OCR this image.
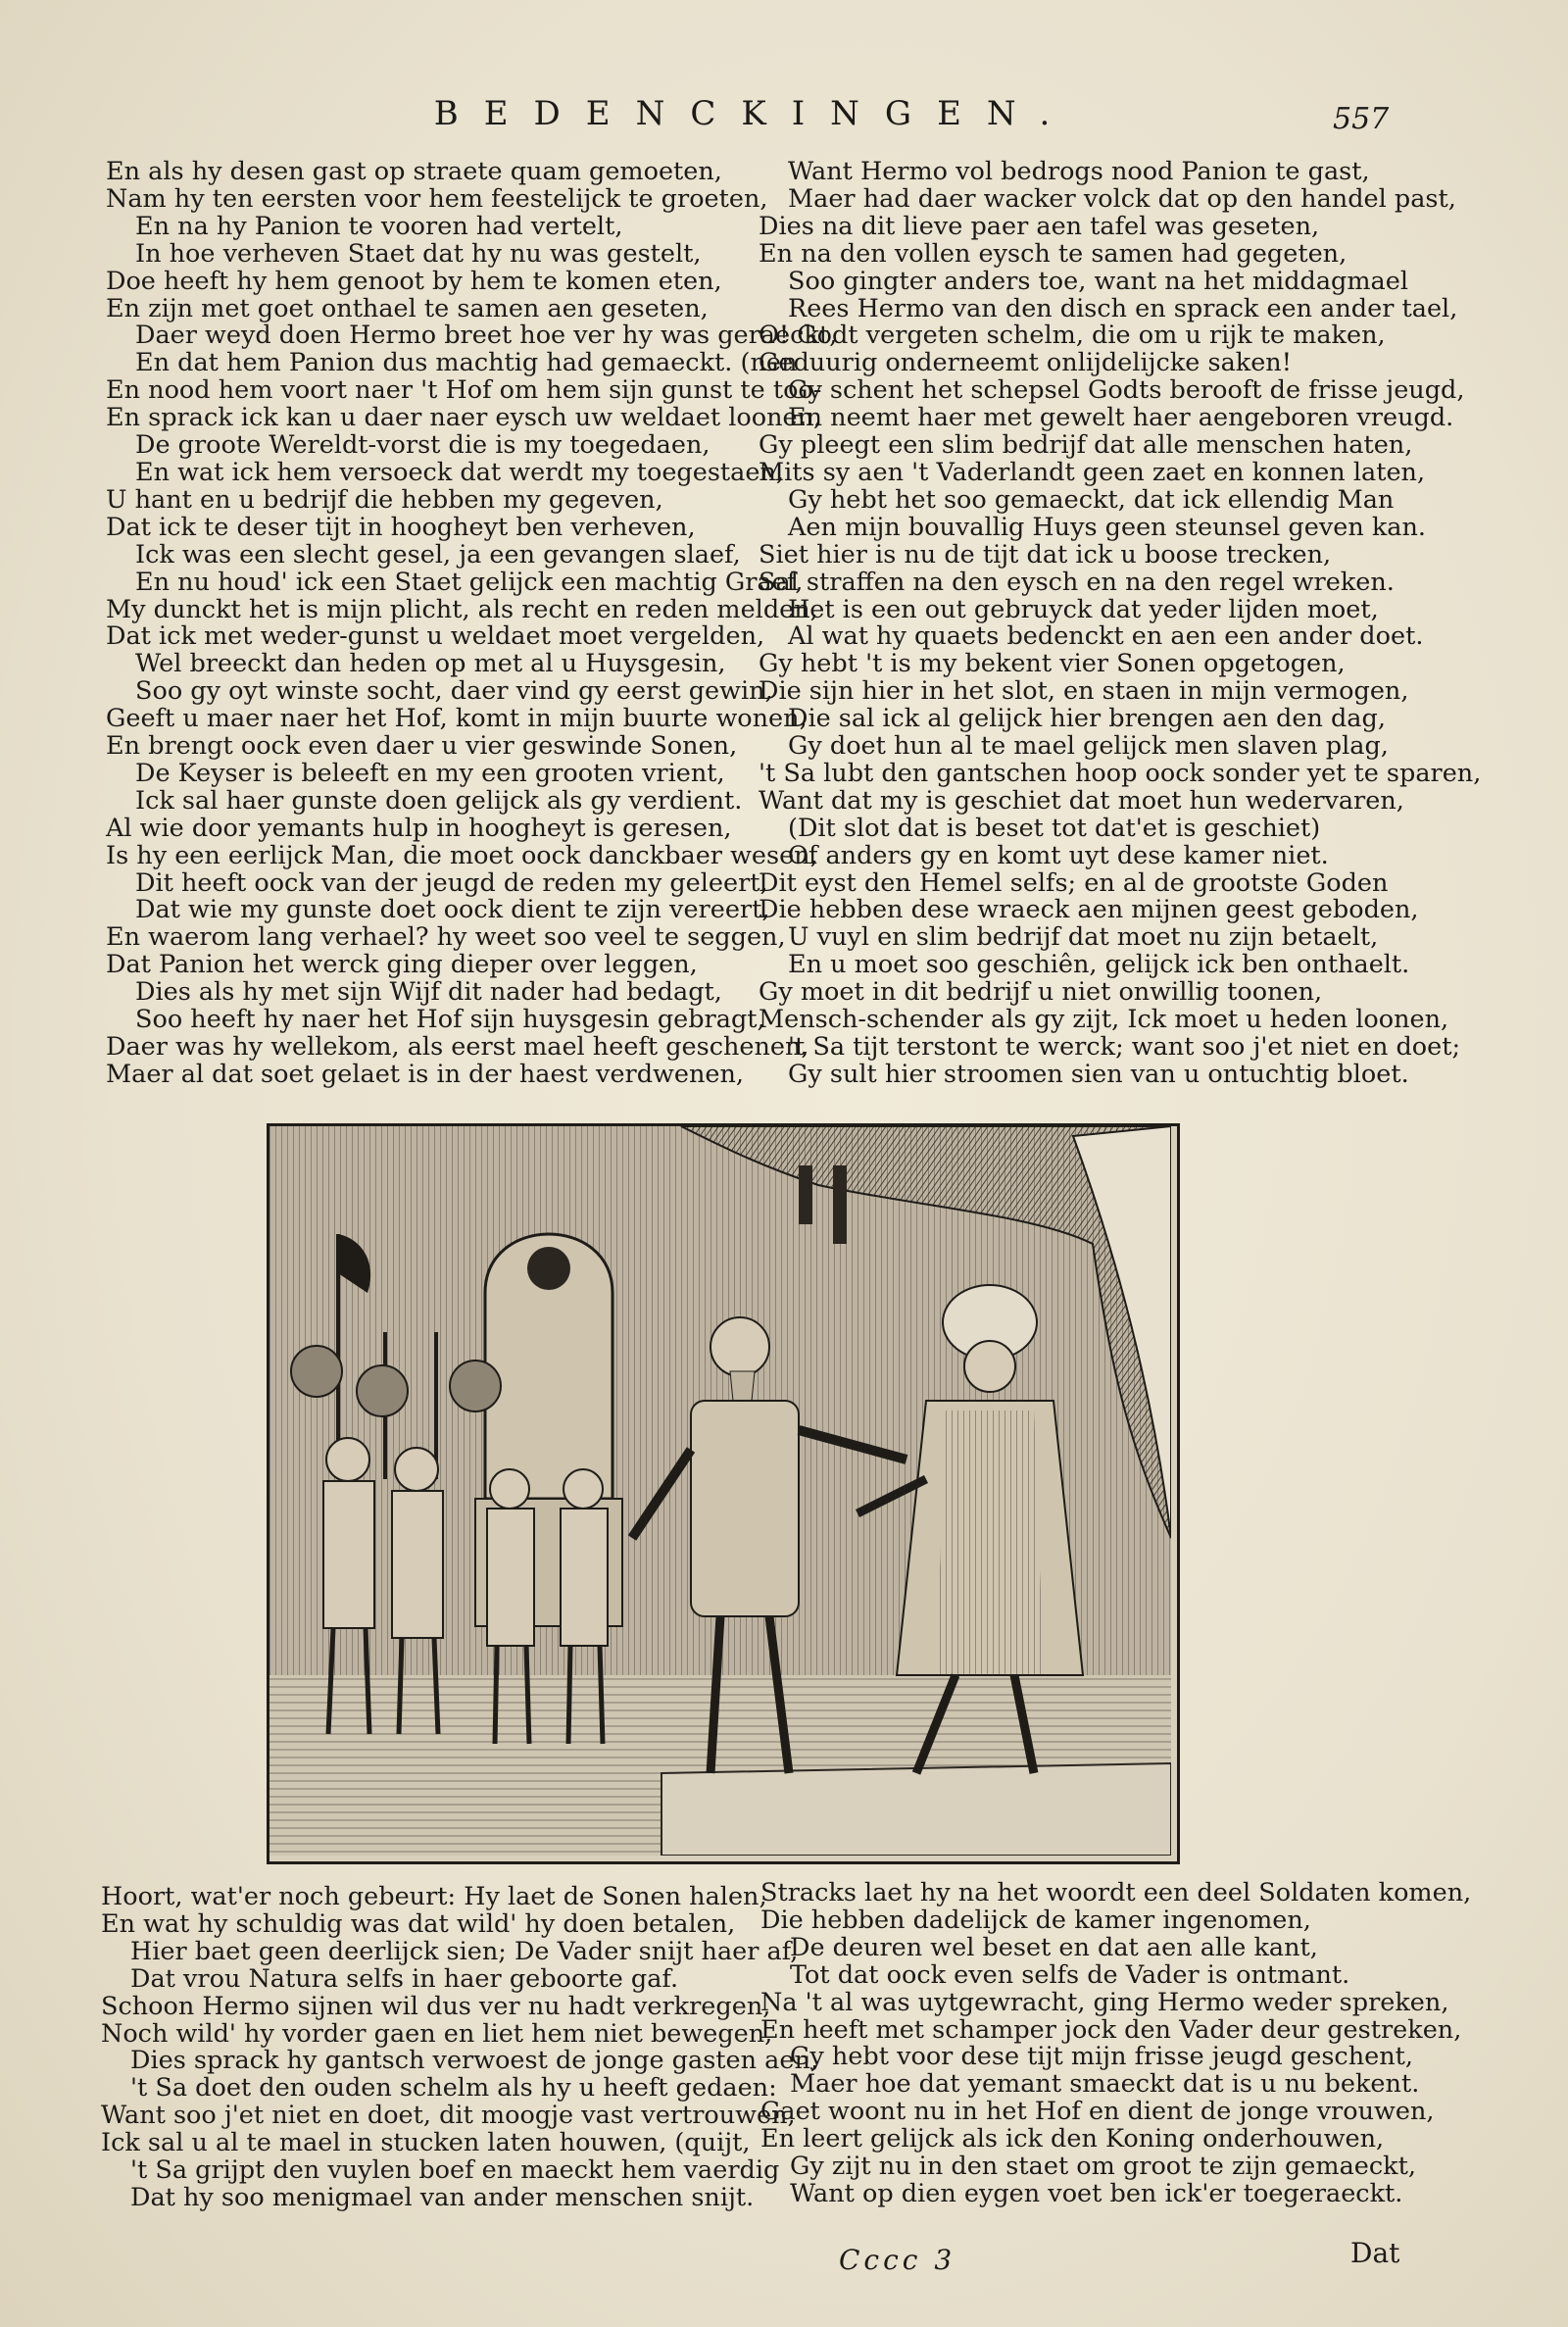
BEDENCKINGEN.	557
En als hy desen gast op straete quam gemoeten,
Nam hy ten eersten voor hem feestelijck te groeten,
En na hy Panion te vooren had vertelt,
In hoe verheven Staet dat hy nu was gestelt,
Doe heeft hy hem genoot by hem te komen eten,
En zijn met goet onthael te samen aen geseten,
Daer weyd doen Hermo breet hoe ver hy was geraeckt,
En dat hem Panion dus machtig had gemaeckt. (nen
En nood hem voort naer 't Hof om hem sijn gunst te too-
En sprack ick kan u daer naer eysch uw weldaet loonen,
De groote Wereldt-vorst die is my toegedaen,
En wat ick hem versoeck dat werdt my toegestaen,
U hant en u bedrijf die hebben my gegeven,
Dat ick te deser tijt in hoogheyt ben verheven,
Ick was een slecht gesel, ja een gevangen slaef,
En nu houd' ick een Staet gelijck een machtig Graef,
My dunckt het is mijn plicht, als recht en reden melden,
Dat ick met weder-gunst u weldaet moet vergelden,
Wel breeckt dan heden op met al u Huysgesin,
Soo gy oyt winste socht, daer vind gy eerst gewin,
Geeft u maer naer het Hof, komt in mijn buurte wonen,
En brengt oock even daer u vier geswinde Sonen,
De Keyser is beleeft en my een grooten vrient,
Ick sal haer gunste doen gelijck als gy verdient.
Al wie door yemants hulp in hoogheyt is geresen,
Is hy een eerlijck Man, die moet oock danckbaer wesen,
Dit heeft oock van der jeugd de reden my geleert,
Dat wie my gunste doet oock dient te zijn vereert,
En waerom lang verhael? hy weet soo veel te seggen,
Dat Panion het werck ging dieper over leggen,
Dies als hy met sijn Wijf dit nader had bedagt,
Soo heeft hy naer het Hof sijn huysgesin gebragt,
Daer was hy wellekom, als eerst mael heeft geschenen,
Maer al dat soet gelaet is in der haest verdwenen,
Want Hermo vol bedrogs nood Panion te gast,
Maer had daer wacker volck dat op den handel past,
Dies na dit lieve paer aen tafel was geseten,
En na den vollen eysch te samen had gegeten,
Soo gingter anders toe, want na het middagmael
Rees Hermo van den disch en sprack een ander tael,
O! Godt vergeten schelm, die om u rijk te maken,
Geduurig onderneemt onlijdelijcke saken!
Gy schent het schepsel Godts berooft de frisse jeugd,
En neemt haer met gewelt haer aengeboren vreugd.
Gy pleegt een slim bedrijf dat alle menschen haten,
Mits sy aen 't Vaderlandt geen zaet en konnen laten,
Gy hebt het soo gemaeckt, dat ick ellendig Man
Aen mijn bouvallig Huys geen steunsel geven kan.
Siet hier is nu de tijt dat ick u boose trecken,
Sal straffen na den eysch en na den regel wreken.
Het is een out gebruyck dat yeder lijden moet,
Al wat hy quaets bedenckt en aen een ander doet.
Gy hebt 't is my bekent vier Sonen opgetogen,
Die sijn hier in het slot, en staen in mijn vermogen,
Die sal ick al gelijck hier brengen aen den dag,
Gy doet hun al te mael gelijck men slaven plag,
't Sa lubt den gantschen hoop oock sonder yet te sparen,
Want dat my is geschiet dat moet hun wedervaren,
(Dit slot dat is beset tot dat'et is geschiet)
Of anders gy en komt uyt dese kamer niet.
Dit eyst den Hemel selfs; en al de grootste Goden
Die hebben dese wraeck aen mijnen geest geboden,
U vuyl en slim bedrijf dat moet nu zijn betaelt,
En u moet soo geschiên, gelijck ick ben onthaelt.
Gy moet in dit bedrijf u niet onwillig toonen,
Mensch-schender als gy zijt, Ick moet u heden loonen,
't Sa tijt terstont te werck; want soo j'et niet en doet;
Gy sult hier stroomen sien van u ontuchtig bloet.
Hoort, wat'er noch gebeurt: Hy laet de Sonen halen,
En wat hy schuldig was dat wild' hy doen betalen,
Hier baet geen deerlijck sien; De Vader snijt haer af,
Dat vrou Natura selfs in haer geboorte gaf.
Schoon Hermo sijnen wil dus ver nu hadt verkregen,
Noch wild' hy vorder gaen en liet hem niet bewegen,
Dies sprack hy gantsch verwoest de jonge gasten aen,
't Sa doet den ouden schelm als hy u heeft gedaen:
Want soo j'et niet en doet, dit moogje vast vertrouwen,
Ick sal u al te mael in stucken laten houwen, (quijt,
't Sa grijpt den vuylen boef en maeckt hem vaerdig
Dat hy soo menigmael van ander menschen snijt.
Stracks laet hy na het woordt een deel Soldaten komen,
Die hebben dadelijck de kamer ingenomen,
De deuren wel beset en dat aen alle kant,
Tot dat oock even selfs de Vader is ontmant.
Na 't al was uytgewracht, ging Hermo weder spreken,
En heeft met schamper jock den Vader deur gestreken,
Gy hebt voor dese tijt mijn frisse jeugd geschent,
Maer hoe dat yemant smaeckt dat is u nu bekent.
Gaet woont nu in het Hof en dient de jonge vrouwen,
En leert gelijck als ick den Koning onderhouwen,
Gy zijt nu in den staet om groot te zijn gemaeckt,
Want op dien eygen voet ben ick'er toegeraeckt.
Cccc 3	Dat
